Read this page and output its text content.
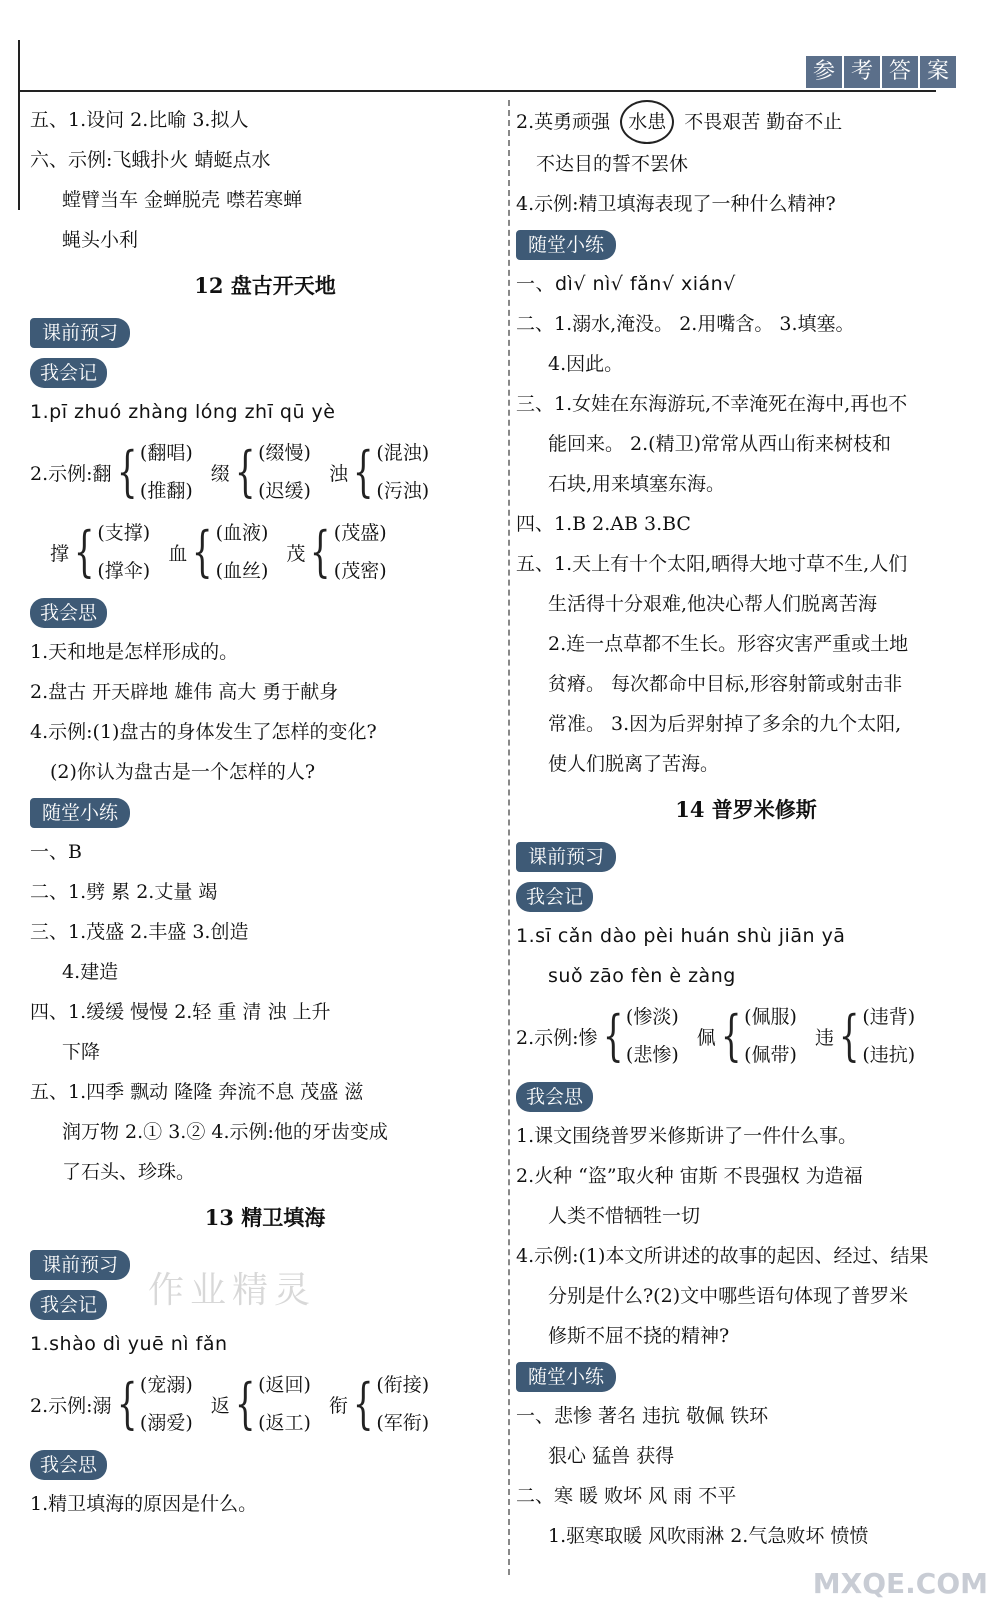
参 考 答 案
五、1.设问 2.比喻 3.拟人
六、示例:飞蛾扑火 蜻蜓点水
螳臂当车 金蝉脱壳 噤若寒蝉
蝇头小利
12 盘古开天地
课前预习
我会记
1.pī zhuó zhàng lóng zhī qū yè
2.示例: 翻 { (翻唱)
(推翻)
缀 { (缀慢)
(迟缓)
浊 { (混浊)
(污浊)
撑 { (支撑)
(撑伞)
血 { (血液)
(血丝)
茂 { (茂盛)
(茂密)
我会思
1.天和地是怎样形成的。
2.盘古 开天辟地 雄伟 高大 勇于献身
4.示例:(1)盘古的身体发生了怎样的变化?
(2)你认为盘古是一个怎样的人?
随堂小练
一、B
二、1.劈 累 2.丈量 竭
三、1.茂盛 2.丰盛 3.创造
4.建造
四、1.缓缓 慢慢 2.轻 重 清 浊 上升
下降
五、1.四季 飘动 隆隆 奔流不息 茂盛 滋
润万物 2.① 3.② 4.示例:他的牙齿变成
了石头、珍珠。
13 精卫填海
课前预习
我会记
1.shào dì yuē nì fǎn
2.示例: 溺 { (宠溺)
(溺爱)
返 { (返回)
(返工)
衔 { (衔接)
(军衔)
我会思
1.精卫填海的原因是什么。
作业精灵
2.英勇顽强 水患 不畏艰苦 勤奋不止
不达目的誓不罢休
4.示例:精卫填海表现了一种什么精神?
随堂小练
一、dì√ nì√ fǎn√ xián√
二、1.溺水,淹没。 2.用嘴含。 3.填塞。
4.因此。
三、1.女娃在东海游玩,不幸淹死在海中,再也不
能回来。 2.(精卫)常常从西山衔来树枝和
石块,用来填塞东海。
四、1.B 2.AB 3.BC
五、1.天上有十个太阳,晒得大地寸草不生,人们
生活得十分艰难,他决心帮人们脱离苦海
2.连一点草都不生长。形容灾害严重或土地
贫瘠。 每次都命中目标,形容射箭或射击非
常准。 3.因为后羿射掉了多余的九个太阳,
使人们脱离了苦海。
14 普罗米修斯
课前预习
我会记
1.sī cǎn dào pèi huán shù jiān yā
suǒ zāo fèn è zàng
2.示例: 惨 { (惨淡)
(悲惨)
佩 { (佩服)
(佩带)
违 { (违背)
(违抗)
我会思
1.课文围绕普罗米修斯讲了一件什么事。
2.火种 “盗”取火种 宙斯 不畏强权 为造福
人类不惜牺牲一切
4.示例:(1)本文所讲述的故事的起因、经过、结果
分别是什么?(2)文中哪些语句体现了普罗米
修斯不屈不挠的精神?
随堂小练
一、悲惨 著名 违抗 敬佩 铁环
狠心 猛兽 获得
二、寒 暖 败坏 风 雨 不平
1.驱寒取暖 风吹雨淋 2.气急败坏 愤愤
MXQE.COM
